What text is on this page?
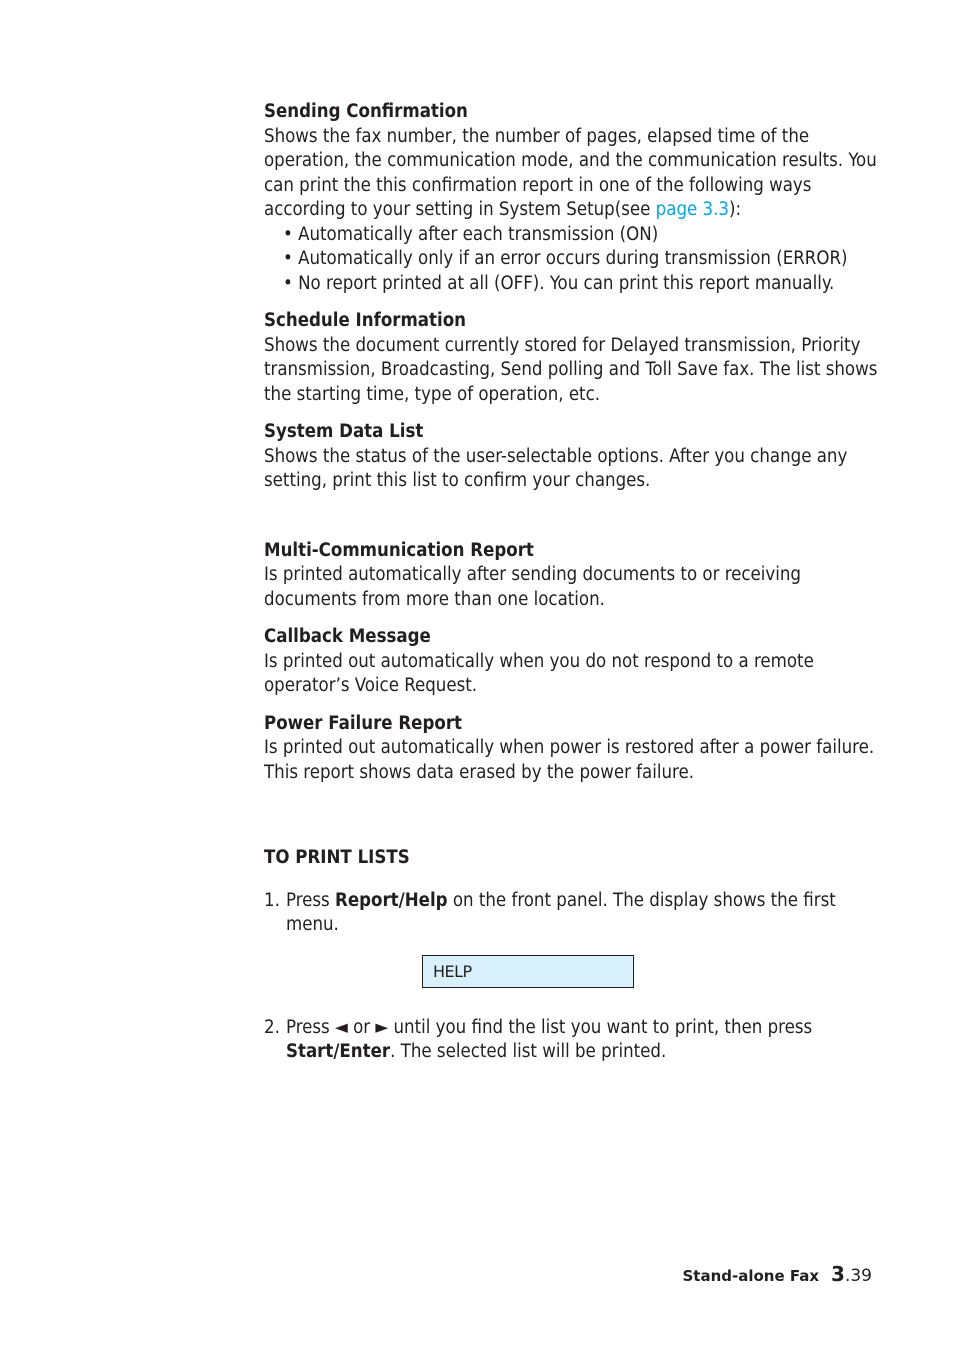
Sending Confirmation
Shows the fax number, the number of pages, elapsed time of the operation, the communication mode, and the communication results. You can print the this confirmation report in one of the following ways according to your setting in System Setup(see page 3.3):
• Automatically after each transmission (ON)
• Automatically only if an error occurs during transmission (ERROR)
• No report printed at all (OFF). You can print this report manually.
Schedule Information
Shows the document currently stored for Delayed transmission, Priority transmission, Broadcasting, Send polling and Toll Save fax. The list shows the starting time, type of operation, etc.
System Data List
Shows the status of the user-selectable options. After you change any setting, print this list to confirm your changes.
Multi-Communication Report
Is printed automatically after sending documents to or receiving documents from more than one location.
Callback Message
Is printed out automatically when you do not respond to a remote operator’s Voice Request.
Power Failure Report
Is printed out automatically when power is restored after a power failure. This report shows data erased by the power failure.
TO PRINT LISTS
1. Press Report/Help on the front panel. The display shows the first menu.
HELP
2. Press ◄ or ► until you find the list you want to print, then press Start/Enter. The selected list will be printed.
Stand-alone Fax 3 .39
